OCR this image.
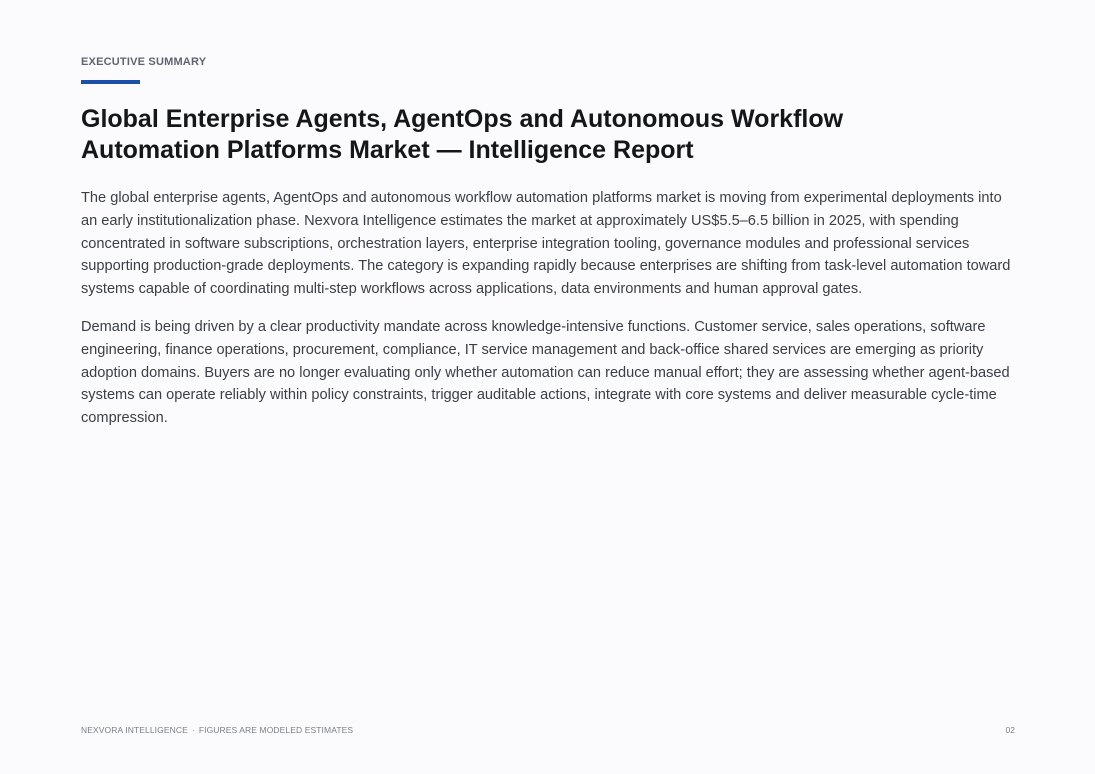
EXECUTIVE SUMMARY

Global Enterprise Agents, AgentOps and Autonomous Workflow Automation Platforms Market — Intelligence Report

The global enterprise agents, AgentOps and autonomous workflow automation platforms market is moving from experimental deployments into an early institutionalization phase. Nexvora Intelligence estimates the market at approximately US$5.5–6.5 billion in 2025, with spending concentrated in software subscriptions, orchestration layers, enterprise integration tooling, governance modules and professional services supporting production-grade deployments. The category is expanding rapidly because enterprises are shifting from task-level automation toward systems capable of coordinating multi-step workflows across applications, data environments and human approval gates.

Demand is being driven by a clear productivity mandate across knowledge-intensive functions. Customer service, sales operations, software engineering, finance operations, procurement, compliance, IT service management and back-office shared services are emerging as priority adoption domains. Buyers are no longer evaluating only whether automation can reduce manual effort; they are assessing whether agent-based systems can operate reliably within policy constraints, trigger auditable actions, integrate with core systems and deliver measurable cycle-time compression.

NEXVORA INTELLIGENCE · FIGURES ARE MODELED ESTIMATES	02
